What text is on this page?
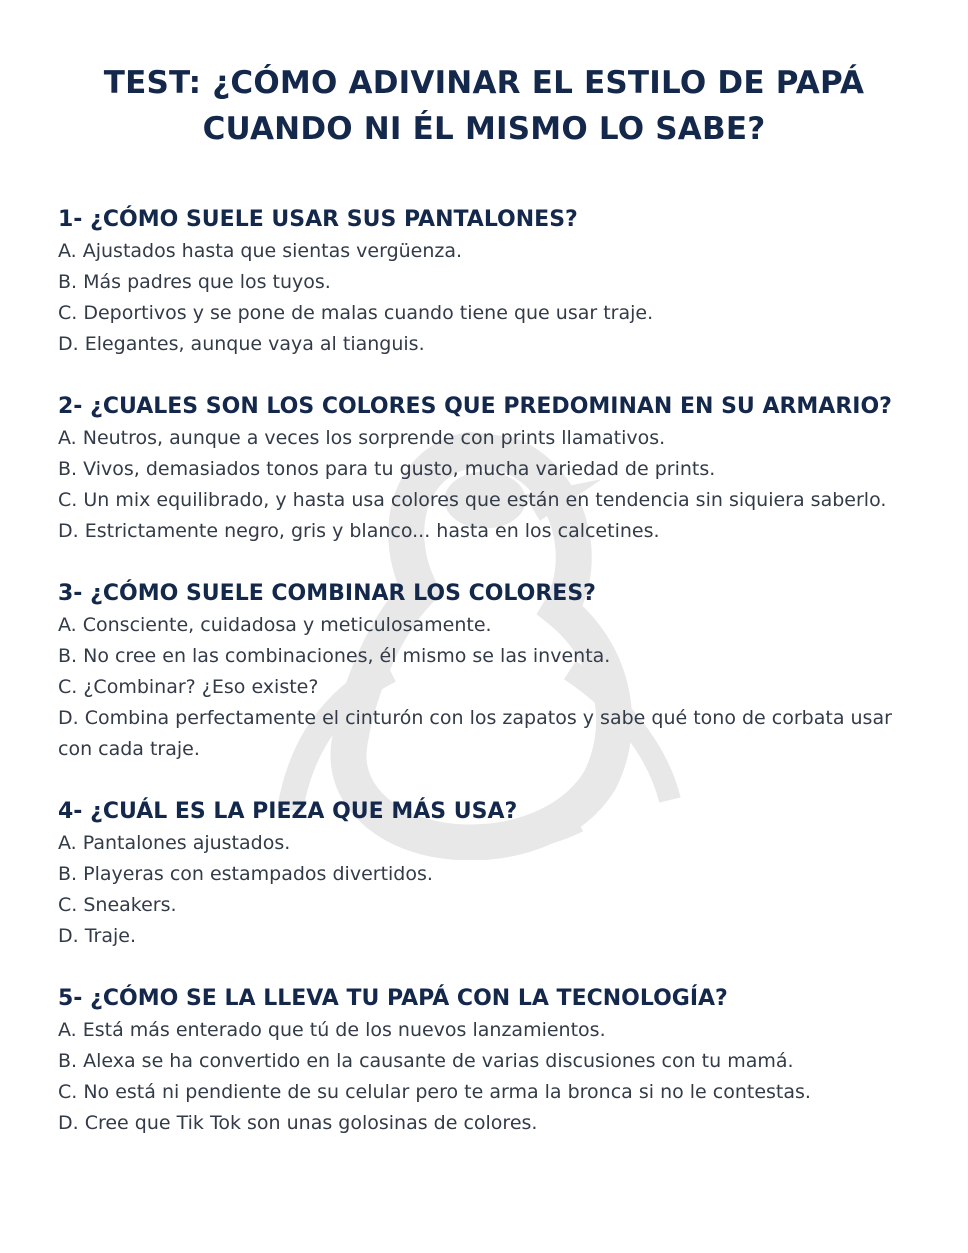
TEST: ¿CÓMO ADIVINAR EL ESTILO DE PAPÁ CUANDO NI ÉL MISMO LO SABE?

1- ¿CÓMO SUELE USAR SUS PANTALONES?

A. Ajustados hasta que sientas vergüenza.

B. Más padres que los tuyos.

C. Deportivos y se pone de malas cuando tiene que usar traje.

D. Elegantes, aunque vaya al tianguis.

2- ¿CUALES SON LOS COLORES QUE PREDOMINAN EN SU ARMARIO?

A. Neutros, aunque a veces los sorprende con prints llamativos.

B. Vivos, demasiados tonos para tu gusto, mucha variedad de prints.

C. Un mix equilibrado, y hasta usa colores que están en tendencia sin siquiera saberlo.

D. Estrictamente negro, gris y blanco... hasta en los calcetines.

3- ¿CÓMO SUELE COMBINAR LOS COLORES?

A. Consciente, cuidadosa y meticulosamente.

B. No cree en las combinaciones, él mismo se las inventa.

C. ¿Combinar? ¿Eso existe?

D. Combina perfectamente el cinturón con los zapatos y sabe qué tono de corbata usar con cada traje.

4- ¿CUÁL ES LA PIEZA QUE MÁS USA?

A. Pantalones ajustados.

B. Playeras con estampados divertidos.

C. Sneakers.

D. Traje.

5- ¿CÓMO SE LA LLEVA TU PAPÁ CON LA TECNOLOGÍA?

A. Está más enterado que tú de los nuevos lanzamientos.

B. Alexa se ha convertido en la causante de varias discusiones con tu mamá.

C. No está ni pendiente de su celular pero te arma la bronca si no le contestas.

D. Cree que Tik Tok son unas golosinas de colores.
